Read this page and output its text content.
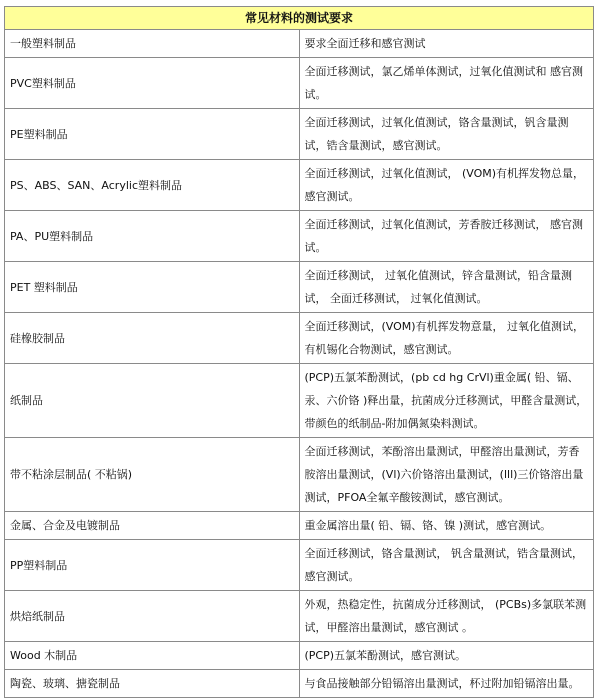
常见材料的测试要求	
一般塑料制品	要求全面迁移和感官测试
PVC塑料制品	全面迁移测试，氯乙烯单体测试，过氧化值测试和 感官测试。
PE塑料制品	全面迁移测试，过氧化值测试，铬含量测试，钒含量测试，锆含量测试，感官测试。
PS、ABS、SAN、Acrylic塑料制品	全面迁移测试，过氧化值测试， (VOM)有机挥发物总量， 感官测试。
PA、PU塑料制品	全面迁移测试，过氧化值测试，芳香胺迁移测试， 感官测试。
PET 塑料制品	全面迁移测试， 过氧化值测试，锌含量测试，铅含量测试， 全面迁移测试， 过氧化值测试。
硅橡胶制品	全面迁移测试，(VOM)有机挥发物意量， 过氧化值测试，有机锡化合物测试，感官测试。
纸制品	(PCP)五氯苯酚测试，(pb cd hg CrVl)重金属( 铅、镉、汞、六价铬 )释出量，抗菌成分迁移测试，甲醛含量测试，带颜色的纸制品-附加偶氮染料测试。
带不粘涂层制品( 不粘锅)	全面迁移测试，苯酚溶出量测试，甲醛溶出量测试，芳香胺溶出量测试，(Vl)六价铬溶出量测试，(lll)三价铬溶出量测试，PFOA全氟辛酸铵测试，感官测试。
金属、合金及电镀制品	重金属溶出量( 铅、镉、铬、镍 )测试，感官测试。
PP塑料制品	全面迁移测试，铬含量测试， 钒含量测试，锆含量测试，感官测试。
烘焙纸制品	外观，热稳定性，抗菌成分迁移测试， (PCBs)多氯联苯测试，甲醛溶出量测试，感官测试 。
Wood 木制品	(PCP)五氯苯酚测试，感官测试。
陶瓷、玻璃、搪瓷制品	与食品接触部分铅镉溶出量测试，杯过附加铅镉溶出量。
